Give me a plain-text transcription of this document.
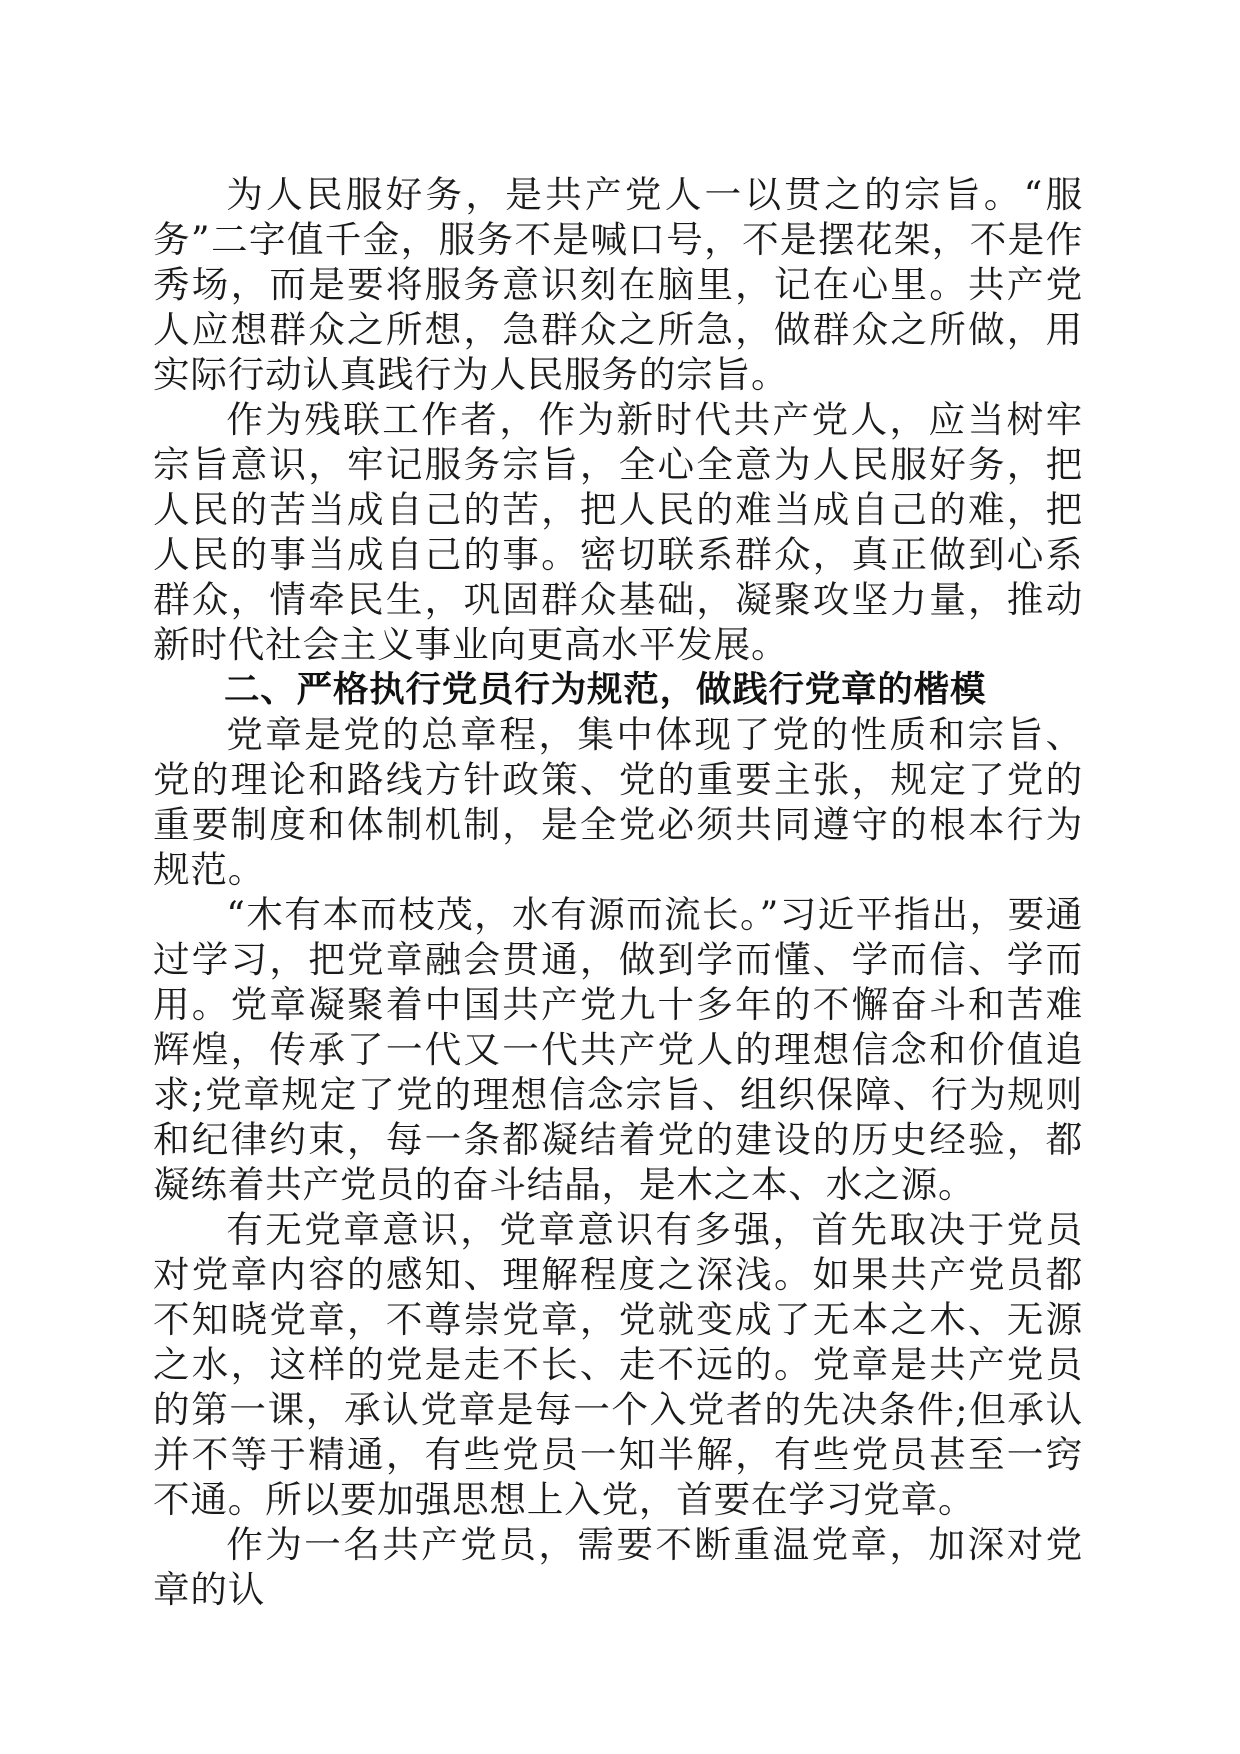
为人民服好务，是共产党人一以贯之的宗旨。“服务”二字值千金，服务不是喊口号，不是摆花架，不是作秀场，而是要将服务意识刻在脑里，记在心里。共产党人应想群众之所想，急群众之所急，做群众之所做，用实际行动认真践行为人民服务的宗旨。

作为残联工作者，作为新时代共产党人，应当树牢宗旨意识，牢记服务宗旨，全心全意为人民服好务，把人民的苦当成自己的苦，把人民的难当成自己的难，把人民的事当成自己的事。密切联系群众，真正做到心系群众，情牵民生，巩固群众基础，凝聚攻坚力量，推动新时代社会主义事业向更高水平发展。

二、严格执行党员行为规范，做践行党章的楷模

党章是党的总章程，集中体现了党的性质和宗旨、党的理论和路线方针政策、党的重要主张，规定了党的重要制度和体制机制，是全党必须共同遵守的根本行为规范。

“木有本而枝茂，水有源而流长。”习近平指出，要通过学习，把党章融会贯通，做到学而懂、学而信、学而用。党章凝聚着中国共产党九十多年的不懈奋斗和苦难辉煌，传承了一代又一代共产党人的理想信念和价值追求;党章规定了党的理想信念宗旨、组织保障、行为规则和纪律约束，每一条都凝结着党的建设的历史经验，都凝练着共产党员的奋斗结晶，是木之本、水之源。

有无党章意识，党章意识有多强，首先取决于党员对党章内容的感知、理解程度之深浅。如果共产党员都不知晓党章，不尊崇党章，党就变成了无本之木、无源之水，这样的党是走不长、走不远的。党章是共产党员的第一课，承认党章是每一个入党者的先决条件;但承认并不等于精通，有些党员一知半解，有些党员甚至一窍不通。所以要加强思想上入党，首要在学习党章。

作为一名共产党员，需要不断重温党章，加深对党章的认
